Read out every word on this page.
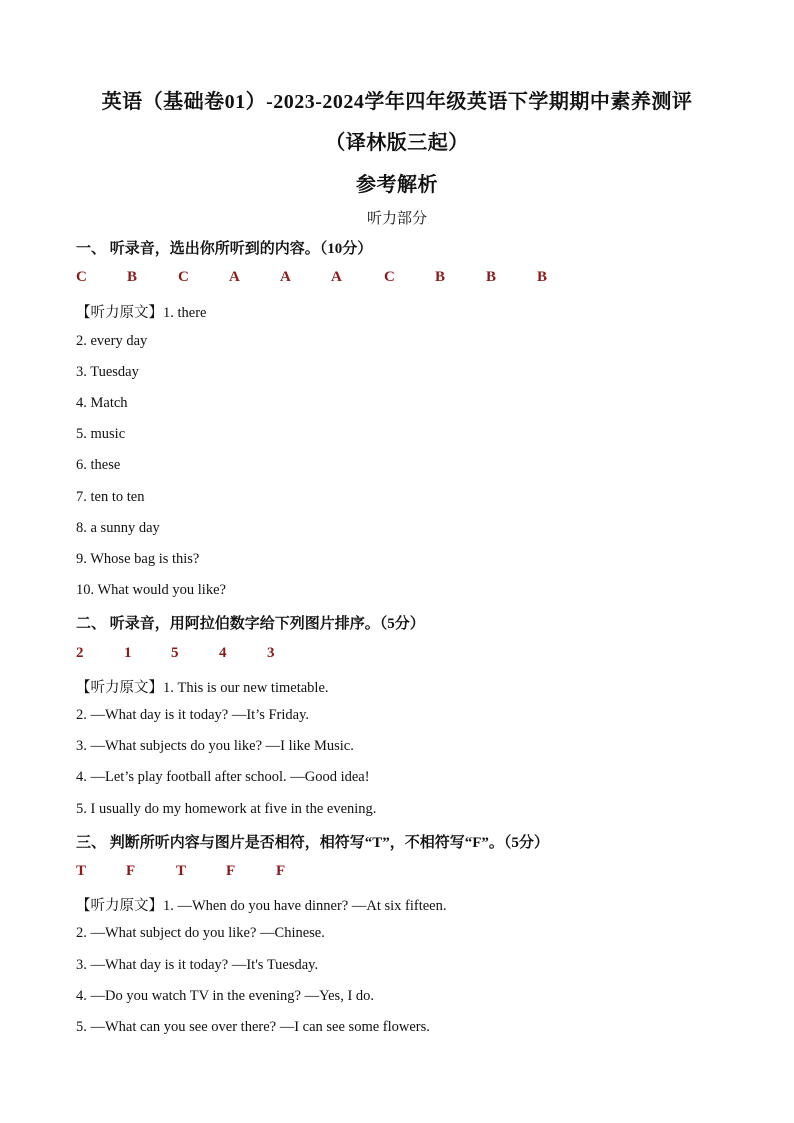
英语（基础卷01）-2023-2024学年四年级英语下学期期中素养测评
（译林版三起）
参考解析
听力部分
一、 听录音，选出你所听到的内容。（10分）
C	B	C	A	A	A	C	B	B	B
【听力原文】1. there
2. every day
3. Tuesday
4. Match
5. music
6. these
7. ten to ten
8. a sunny day
9. Whose bag is this?
10. What would you like?
二、 听录音，用阿拉伯数字给下列图片排序。（5分）
2	1	5	4	3
【听力原文】1. This is our new timetable.
2. —What day is it today? —It’s Friday.
3. —What subjects do you like? —I like Music.
4. —Let’s play football after school. —Good idea!
5. I usually do my homework at five in the evening.
三、 判断所听内容与图片是否相符，相符写“T”，不相符写“F”。（5分）
T	F	T	F	F
【听力原文】1. —When do you have dinner? —At six fifteen.
2. —What subject do you like? —Chinese.
3. —What day is it today? —It's Tuesday.
4. —Do you watch TV in the evening? —Yes, I do.
5. —What can you see over there? —I can see some flowers.
